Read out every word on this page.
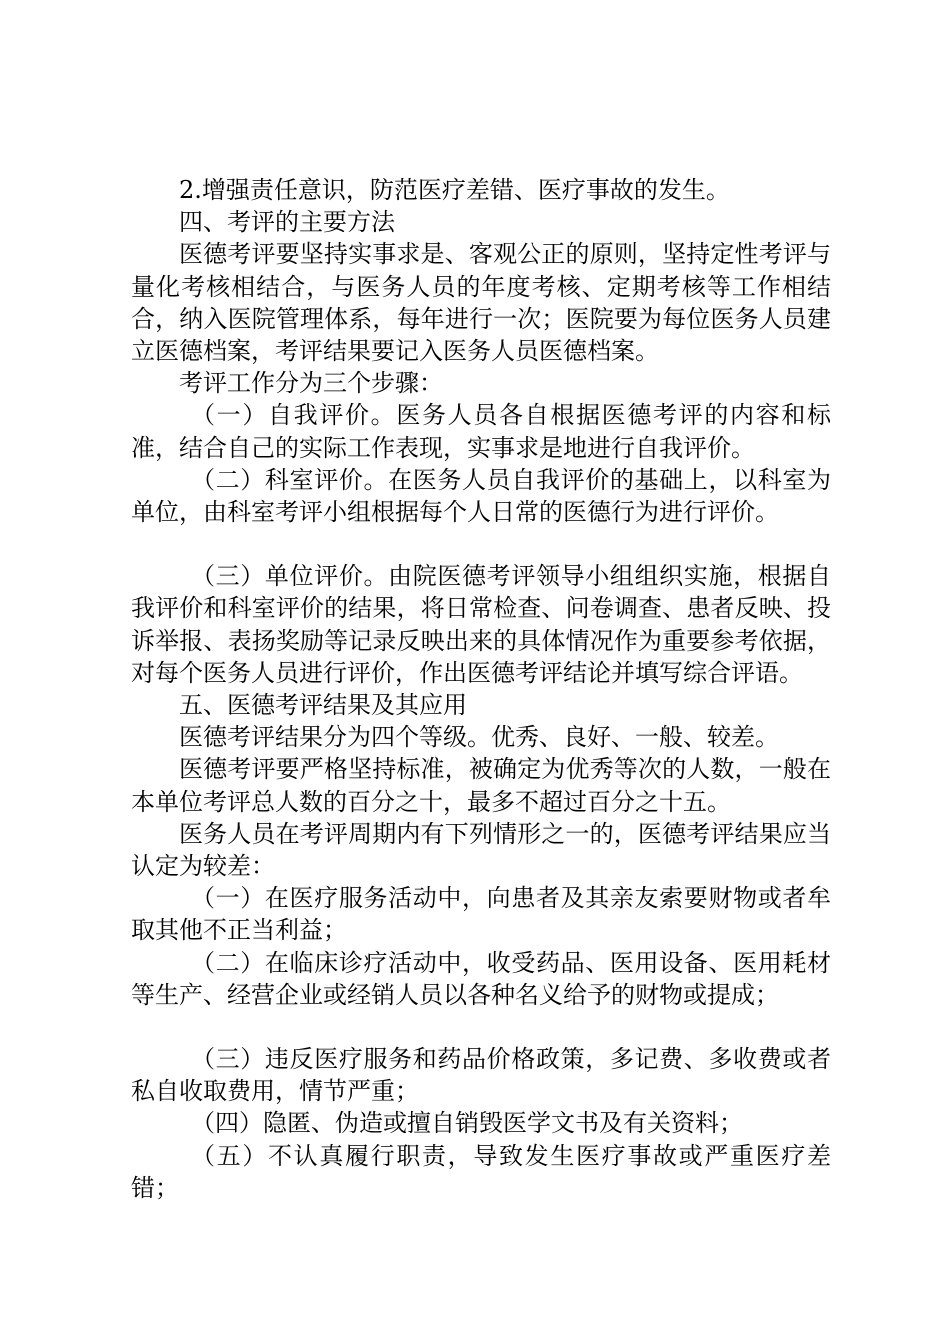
2.增强责任意识，防范医疗差错、医疗事故的发生。

四、考评的主要方法

医德考评要坚持实事求是、客观公正的原则，坚持定性考评与量化考核相结合，与医务人员的年度考核、定期考核等工作相结合，纳入医院管理体系，每年进行一次；医院要为每位医务人员建立医德档案，考评结果要记入医务人员医德档案。

考评工作分为三个步骤：

（一）自我评价。医务人员各自根据医德考评的内容和标准，结合自己的实际工作表现，实事求是地进行自我评价。

（二）科室评价。在医务人员自我评价的基础上，以科室为单位，由科室考评小组根据每个人日常的医德行为进行评价。

（三）单位评价。由院医德考评领导小组组织实施，根据自我评价和科室评价的结果，将日常检查、问卷调查、患者反映、投诉举报、表扬奖励等记录反映出来的具体情况作为重要参考依据，对每个医务人员进行评价，作出医德考评结论并填写综合评语。

五、医德考评结果及其应用

医德考评结果分为四个等级。优秀、良好、一般、较差。

医德考评要严格坚持标准，被确定为优秀等次的人数，一般在本单位考评总人数的百分之十，最多不超过百分之十五。

医务人员在考评周期内有下列情形之一的，医德考评结果应当认定为较差：

（一）在医疗服务活动中，向患者及其亲友索要财物或者牟取其他不正当利益；

（二）在临床诊疗活动中，收受药品、医用设备、医用耗材等生产、经营企业或经销人员以各种名义给予的财物或提成；

（三）违反医疗服务和药品价格政策，多记费、多收费或者私自收取费用，情节严重；

（四）隐匿、伪造或擅自销毁医学文书及有关资料；

（五）不认真履行职责，导致发生医疗事故或严重医疗差错；
